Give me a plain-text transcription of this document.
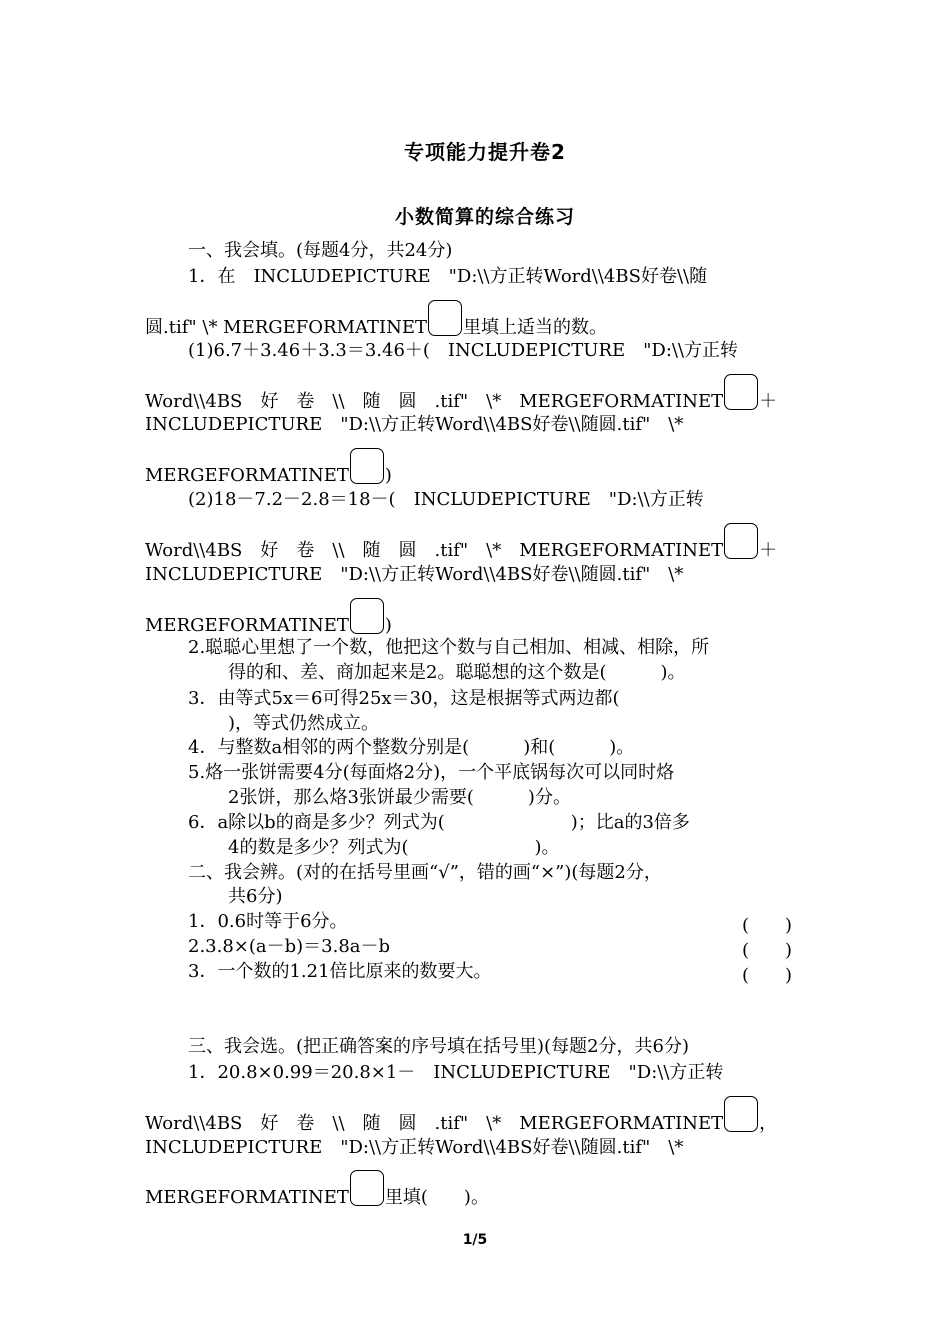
专项能力提升卷2
小数简算的综合练习
一、我会填。(每题4分，共24分)
1．在　INCLUDEPICTURE　"D:\\方正转Word\\4BS好卷\\随
圆.tif" \* MERGEFORMATINET 里填上适当的数。
(1)6.7＋3.46＋3.3＝3.46＋(　INCLUDEPICTURE　"D:\\方正转
Word\\4BS　好　卷　\\　随　圆　.tif"　\*　MERGEFORMATINET ＋
INCLUDEPICTURE　"D:\\方正转Word\\4BS好卷\\随圆.tif"　\*
MERGEFORMATINET )
(2)18－7.2－2.8＝18－(　INCLUDEPICTURE　"D:\\方正转
Word\\4BS　好　卷　\\　随　圆　.tif"　\*　MERGEFORMATINET ＋
INCLUDEPICTURE　"D:\\方正转Word\\4BS好卷\\随圆.tif"　\*
MERGEFORMATINET )
2.聪聪心里想了一个数，他把这个数与自己相加、相减、相除，所
得的和、差、商加起来是2。聪聪想的这个数是(　　　)。
3．由等式5x＝6可得25x＝30，这是根据等式两边都(
)，等式仍然成立。
4．与整数a相邻的两个整数分别是(　　　)和(　　　)。
5.烙一张饼需要4分(每面烙2分)，一个平底锅每次可以同时烙
2张饼，那么烙3张饼最少需要(　　　)分。
6．a除以b的商是多少？列式为(　　　　　　　)；比a的3倍多
4的数是多少？列式为(　　　　　　　)。
二、我会辨。(对的在括号里画“√”，错的画“×”)(每题2分，
共6分)
1．0.6时等于6分。	(　　)
2.3.8×(a－b)＝3.8a－b	(　　)
3．一个数的1.21倍比原来的数要大。	(　　)
三、我会选。(把正确答案的序号填在括号里)(每题2分，共6分)
1．20.8×0.99＝20.8×1－　INCLUDEPICTURE　"D:\\方正转
Word\\4BS　好　卷　\\　随　圆　.tif"　\*　MERGEFORMATINET ，
INCLUDEPICTURE　"D:\\方正转Word\\4BS好卷\\随圆.tif"　\*
MERGEFORMATINET 里填(　　)。
1/5
